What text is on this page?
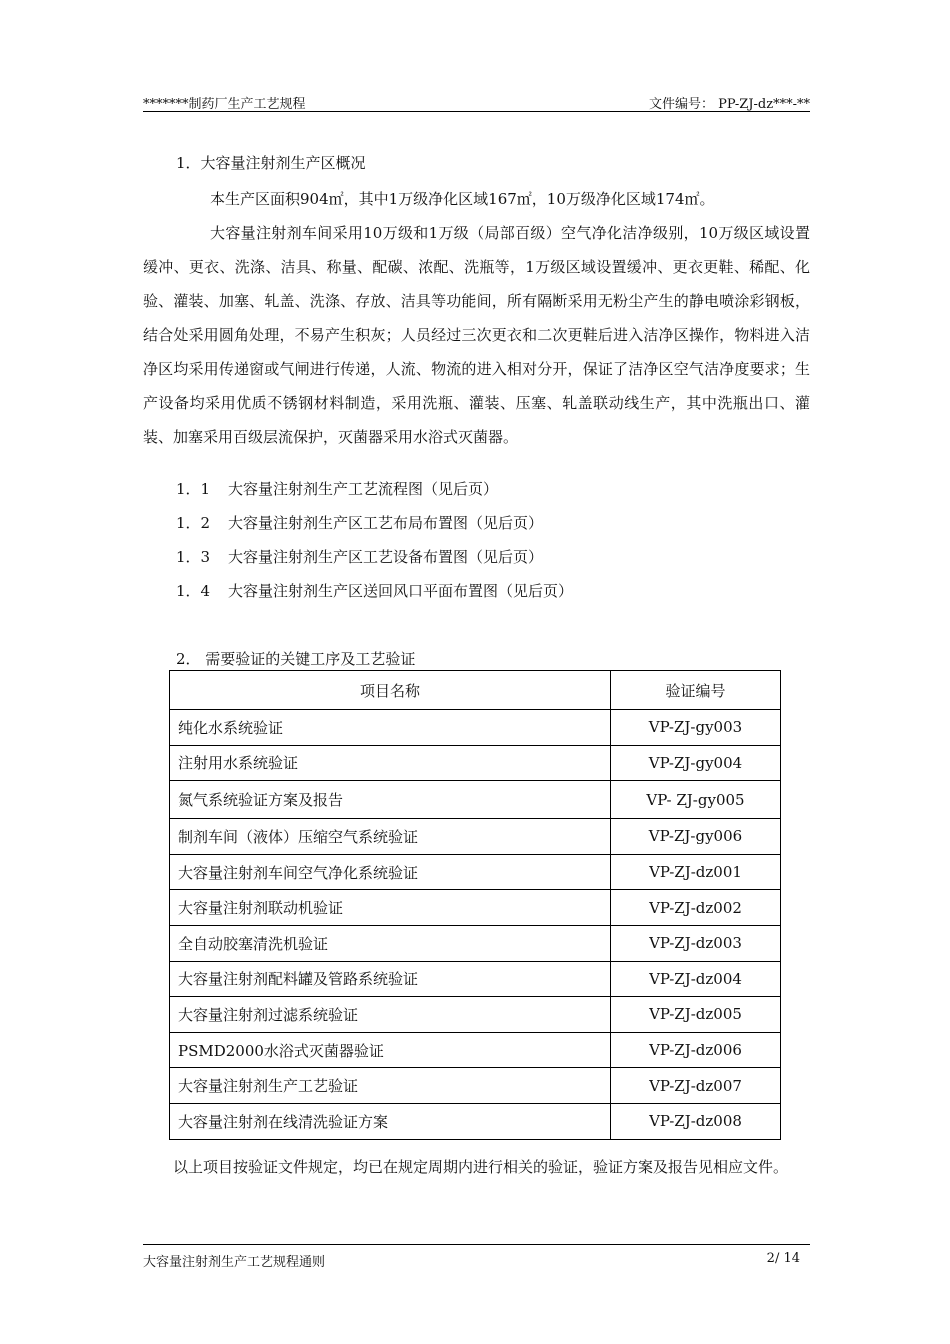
*******制药厂生产工艺规程	文件编号： PP-ZJ-dz***-**
1．大容量注射剂生产区概况

本生产区面积904㎡，其中1万级净化区域167㎡，10万级净化区域174㎡。

大容量注射剂车间采用10万级和1万级（局部百级）空气净化洁净级别，10万级区域设置缓冲、更衣、洗涤、洁具、称量、配碳、浓配、洗瓶等，1万级区域设置缓冲、更衣更鞋、稀配、化验、灌装、加塞、轧盖、洗涤、存放、洁具等功能间，所有隔断采用无粉尘产生的静电喷涂彩钢板，结合处采用圆角处理，不易产生积灰；人员经过三次更衣和二次更鞋后进入洁净区操作，物料进入洁净区均采用传递窗或气闸进行传递，人流、物流的进入相对分开，保证了洁净区空气洁净度要求；生产设备均采用优质不锈钢材料制造，采用洗瓶、灌装、压塞、轧盖联动线生产，其中洗瓶出口、灌装、加塞采用百级层流保护，灭菌器采用水浴式灭菌器。

1．1 大容量注射剂生产工艺流程图（见后页）
1．2 大容量注射剂生产区工艺布局布置图（见后页）
1．3 大容量注射剂生产区工艺设备布置图（见后页）
1．4 大容量注射剂生产区送回风口平面布置图（见后页）
2． 需要验证的关键工序及工艺验证
项目名称	验证编号
纯化水系统验证	VP-ZJ-gy003
注射用水系统验证	VP-ZJ-gy004
氮气系统验证方案及报告	VP- ZJ-gy005
制剂车间（液体）压缩空气系统验证	VP-ZJ-gy006
大容量注射剂车间空气净化系统验证	VP-ZJ-dz001
大容量注射剂联动机验证	VP-ZJ-dz002
全自动胶塞清洗机验证	VP-ZJ-dz003
大容量注射剂配料罐及管路系统验证	VP-ZJ-dz004
大容量注射剂过滤系统验证	VP-ZJ-dz005
PSMD2000水浴式灭菌器验证	VP-ZJ-dz006
大容量注射剂生产工艺验证	VP-ZJ-dz007
大容量注射剂在线清洗验证方案	VP-ZJ-dz008

以上项目按验证文件规定，均已在规定周期内进行相关的验证，验证方案及报告见相应文件。

大容量注射剂生产工艺规程通则	2/ 14
